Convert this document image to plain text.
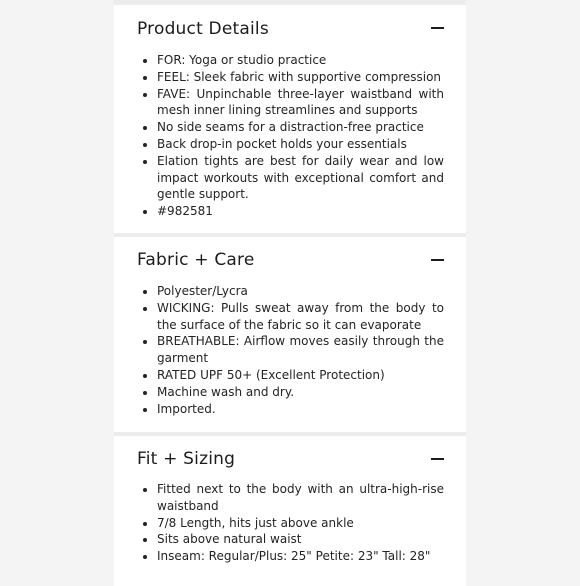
Product Details
FOR: Yoga or studio practice
FEEL: Sleek fabric with supportive compression
FAVE: Unpinchable three-layer waistband with mesh inner lining streamlines and supports
No side seams for a distraction-free practice
Back drop-in pocket holds your essentials
Elation tights are best for daily wear and low impact workouts with exceptional comfort and gentle support.
#982581
Fabric + Care
Polyester/Lycra
WICKING: Pulls sweat away from the body to the surface of the fabric so it can evaporate
BREATHABLE: Airflow moves easily through the garment
RATED UPF 50+ (Excellent Protection)
Machine wash and dry.
Imported.
Fit + Sizing
Fitted next to the body with an ultra-high-rise waistband
7/8 Length, hits just above ankle
Sits above natural waist
Inseam: Regular/Plus: 25" Petite: 23" Tall: 28"
